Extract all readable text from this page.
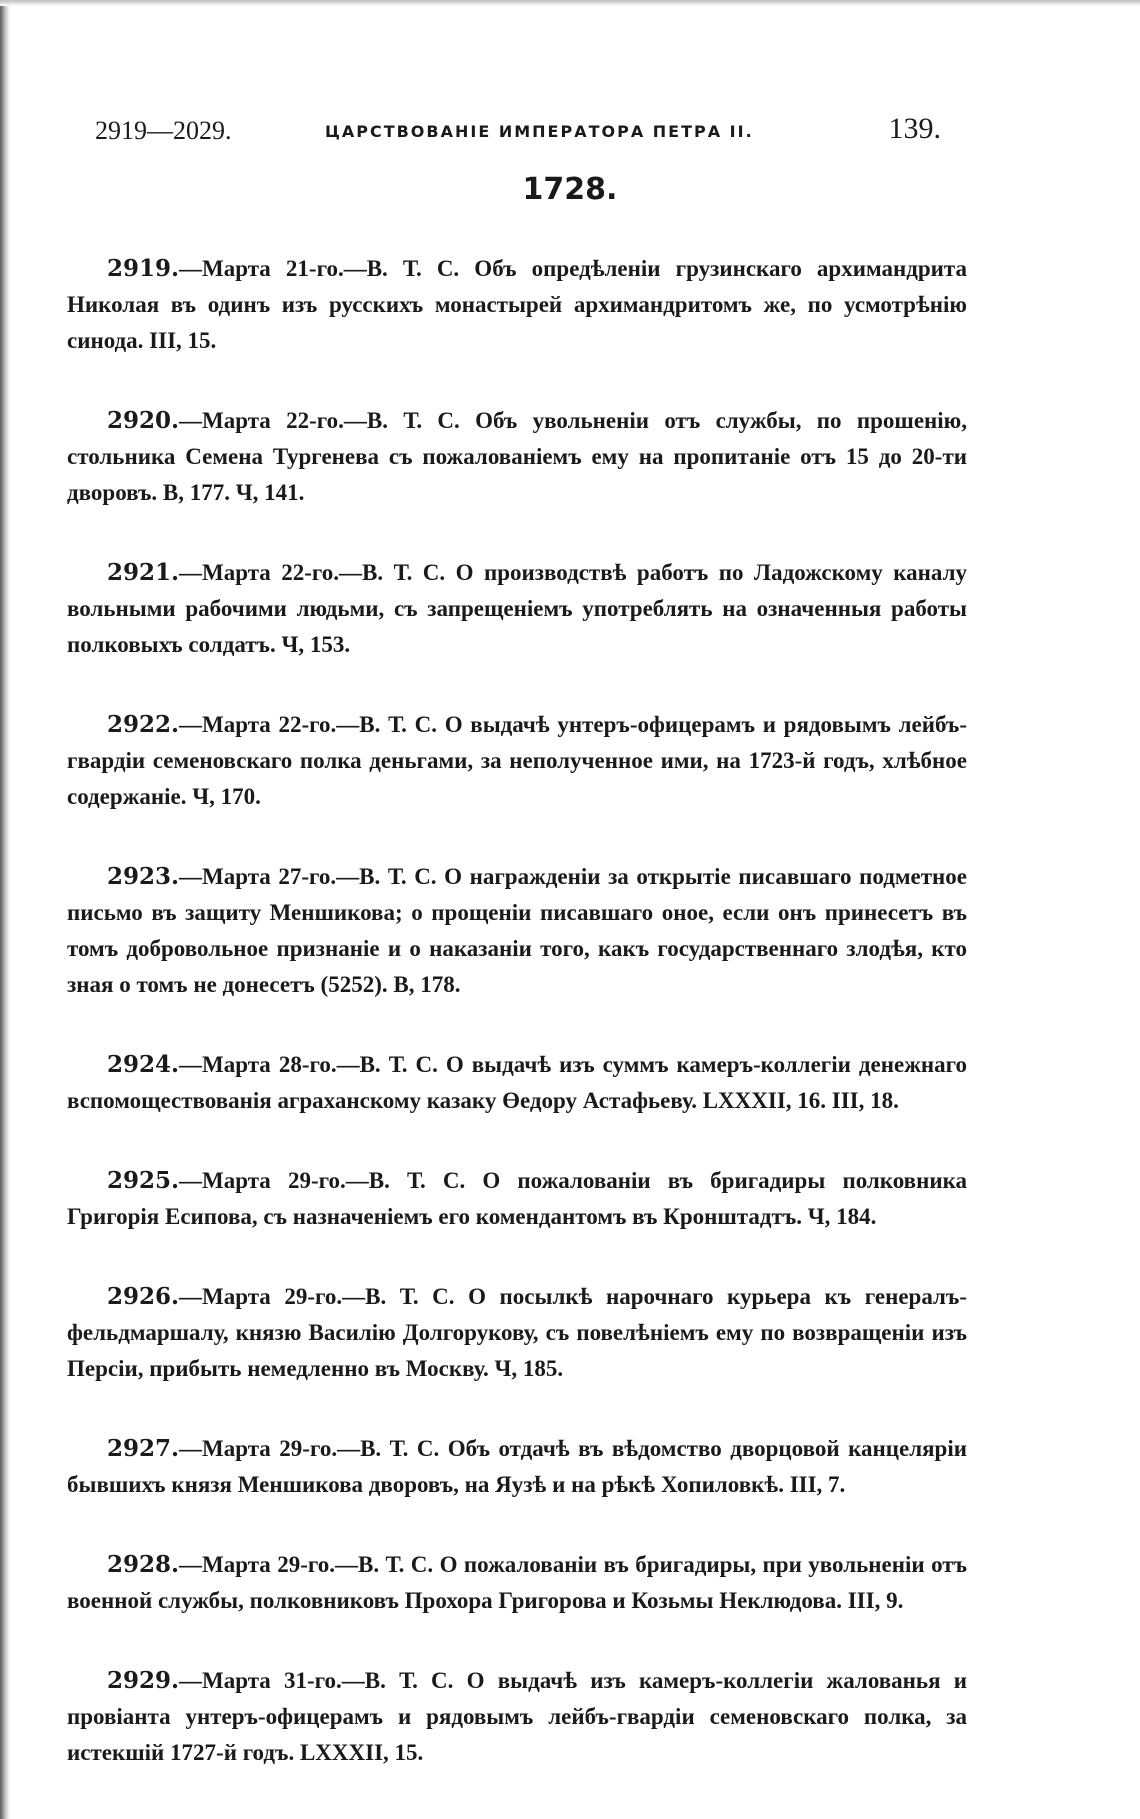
2919—2029.	ЦАРСТВОВАНІЕ ИМПЕРАТОРА ПЕТРА II.	139.
1728.

2919.—Марта 21-го.—В. Т. С. Объ опредѣленіи грузинскаго архимандрита Николая въ одинъ изъ русскихъ монастырей архимандритомъ же, по усмотрѣнію синода. III, 15.

2920.—Марта 22-го.—В. Т. С. Объ увольненіи отъ службы, по прошенію, стольника Семена Тургенева съ пожалованіемъ ему на пропитаніе отъ 15 до 20-ти дворовъ. В, 177. Ч, 141.

2921.—Марта 22-го.—В. Т. С. О производствѣ работъ по Ладожскому каналу вольными рабочими людьми, съ запрещеніемъ употреблять на означенныя работы полковыхъ солдатъ. Ч, 153.

2922.—Марта 22-го.—В. Т. С. О выдачѣ унтеръ-офицерамъ и рядовымъ лейбъ-гвардіи семеновскаго полка деньгами, за неполученное ими, на 1723-й годъ, хлѣбное содержаніе. Ч, 170.

2923.—Марта 27-го.—В. Т. С. О награжденіи за открытіе писавшаго подметное письмо въ защиту Меншикова; о прощеніи писавшаго оное, если онъ принесетъ въ томъ добровольное признаніе и о наказаніи того, какъ государственнаго злодѣя, кто зная о томъ не донесетъ (5252). В, 178.

2924.—Марта 28-го.—В. Т. С. О выдачѣ изъ суммъ камеръ-коллегіи денежнаго вспомоществованія аграханскому казаку Өедору Астафьеву. LXXXII, 16. III, 18.

2925.—Марта 29-го.—В. Т. С. О пожалованіи въ бригадиры полковника Григорія Есипова, съ назначеніемъ его комендантомъ въ Кронштадтъ. Ч, 184.

2926.—Марта 29-го.—В. Т. С. О посылкѣ нарочнаго курьера къ генералъ-фельдмаршалу, князю Василію Долгорукову, съ повелѣніемъ ему по возвращеніи изъ Персіи, прибыть немедленно въ Москву. Ч, 185.

2927.—Марта 29-го.—В. Т. С. Объ отдачѣ въ вѣдомство дворцовой канцеляріи бывшихъ князя Меншикова дворовъ, на Яузѣ и на рѣкѣ Хопиловкѣ. III, 7.

2928.—Марта 29-го.—В. Т. С. О пожалованіи въ бригадиры, при увольненіи отъ военной службы, полковниковъ Прохора Григорова и Козьмы Неклюдова. III, 9.

2929.—Марта 31-го.—В. Т. С. О выдачѣ изъ камеръ-коллегіи жалованья и провіанта унтеръ-офицерамъ и рядовымъ лейбъ-гвардіи семеновскаго полка, за истекшій 1727-й годъ. LXXXII, 15.
